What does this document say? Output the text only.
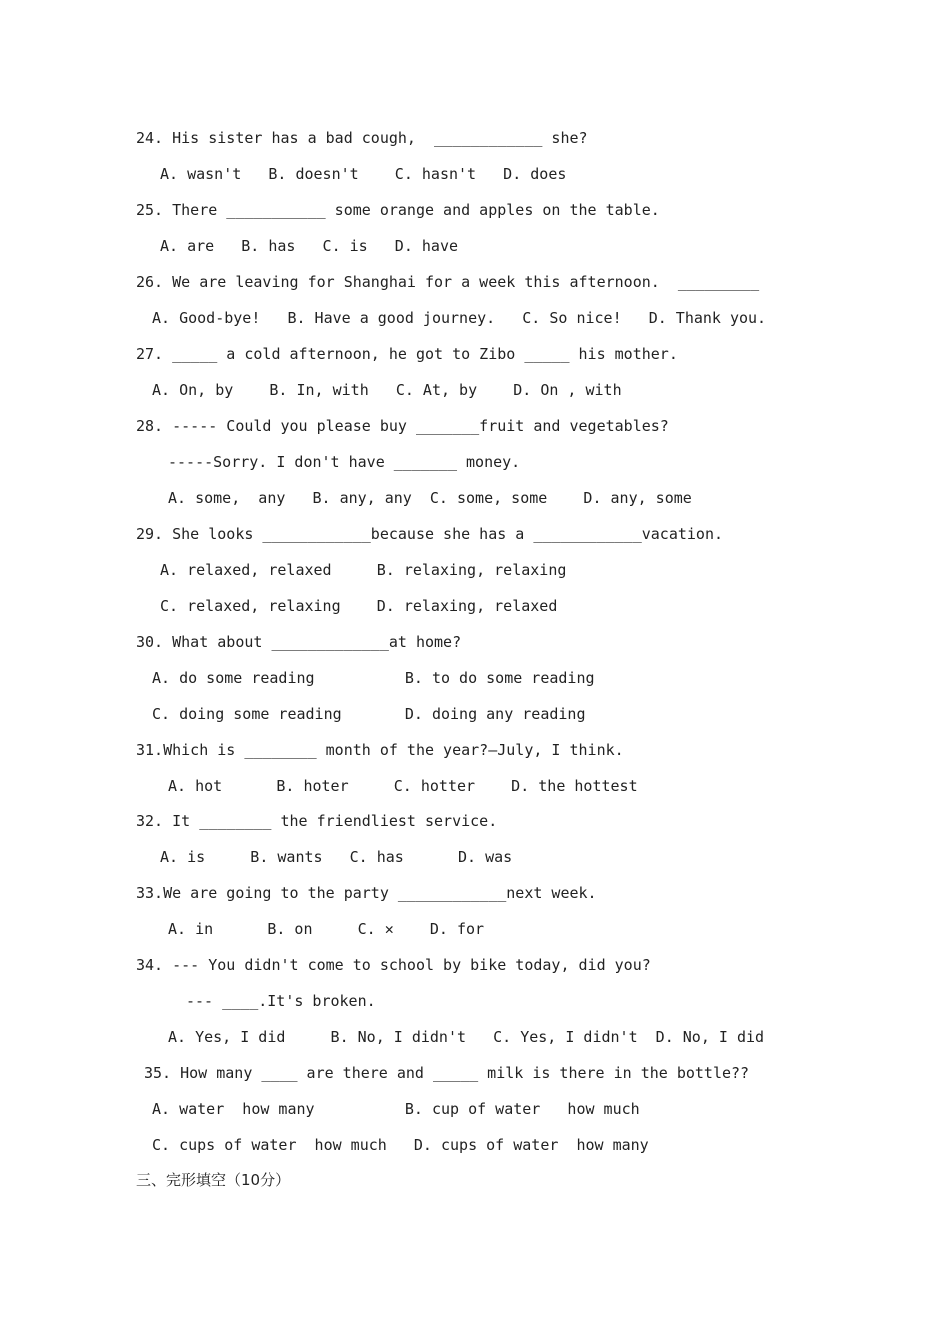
24. His sister has a bad cough,  ____________ she?
A. wasn't   B. doesn't    C. hasn't   D. does
25. There ___________ some orange and apples on the table.
A. are   B. has   C. is   D. have
26. We are leaving for Shanghai for a week this afternoon.  _________
A. Good-bye!   B. Have a good journey.   C. So nice!   D. Thank you.
27. _____ a cold afternoon, he got to Zibo _____ his mother.
A. On, by    B. In, with   C. At, by    D. On , with
28. ----- Could you please buy _______fruit and vegetables?
-----Sorry. I don't have _______ money.
A. some,  any   B. any, any  C. some, some    D. any, some
29. She looks ____________because she has a ____________vacation.
A. relaxed, relaxed     B. relaxing, relaxing
C. relaxed, relaxing    D. relaxing, relaxed
30. What about _____________at home?
A. do some reading          B. to do some reading
C. doing some reading       D. doing any reading
31.Which is ________ month of the year?—July, I think.
A. hot      B. hoter     C. hotter    D. the hottest
32. It ________ the friendliest service.
A. is     B. wants   C. has      D. was
33.We are going to the party ____________next week.
A. in      B. on     C. ✕    D. for
34. --- You didn't come to school by bike today, did you?
--- ____.It's broken.
A. Yes, I did     B. No, I didn't   C. Yes, I didn't  D. No, I did
35. How many ____ are there and _____ milk is there in the bottle??
A. water  how many          B. cup of water   how much
C. cups of water  how much   D. cups of water  how many
三、完形填空（10分）
